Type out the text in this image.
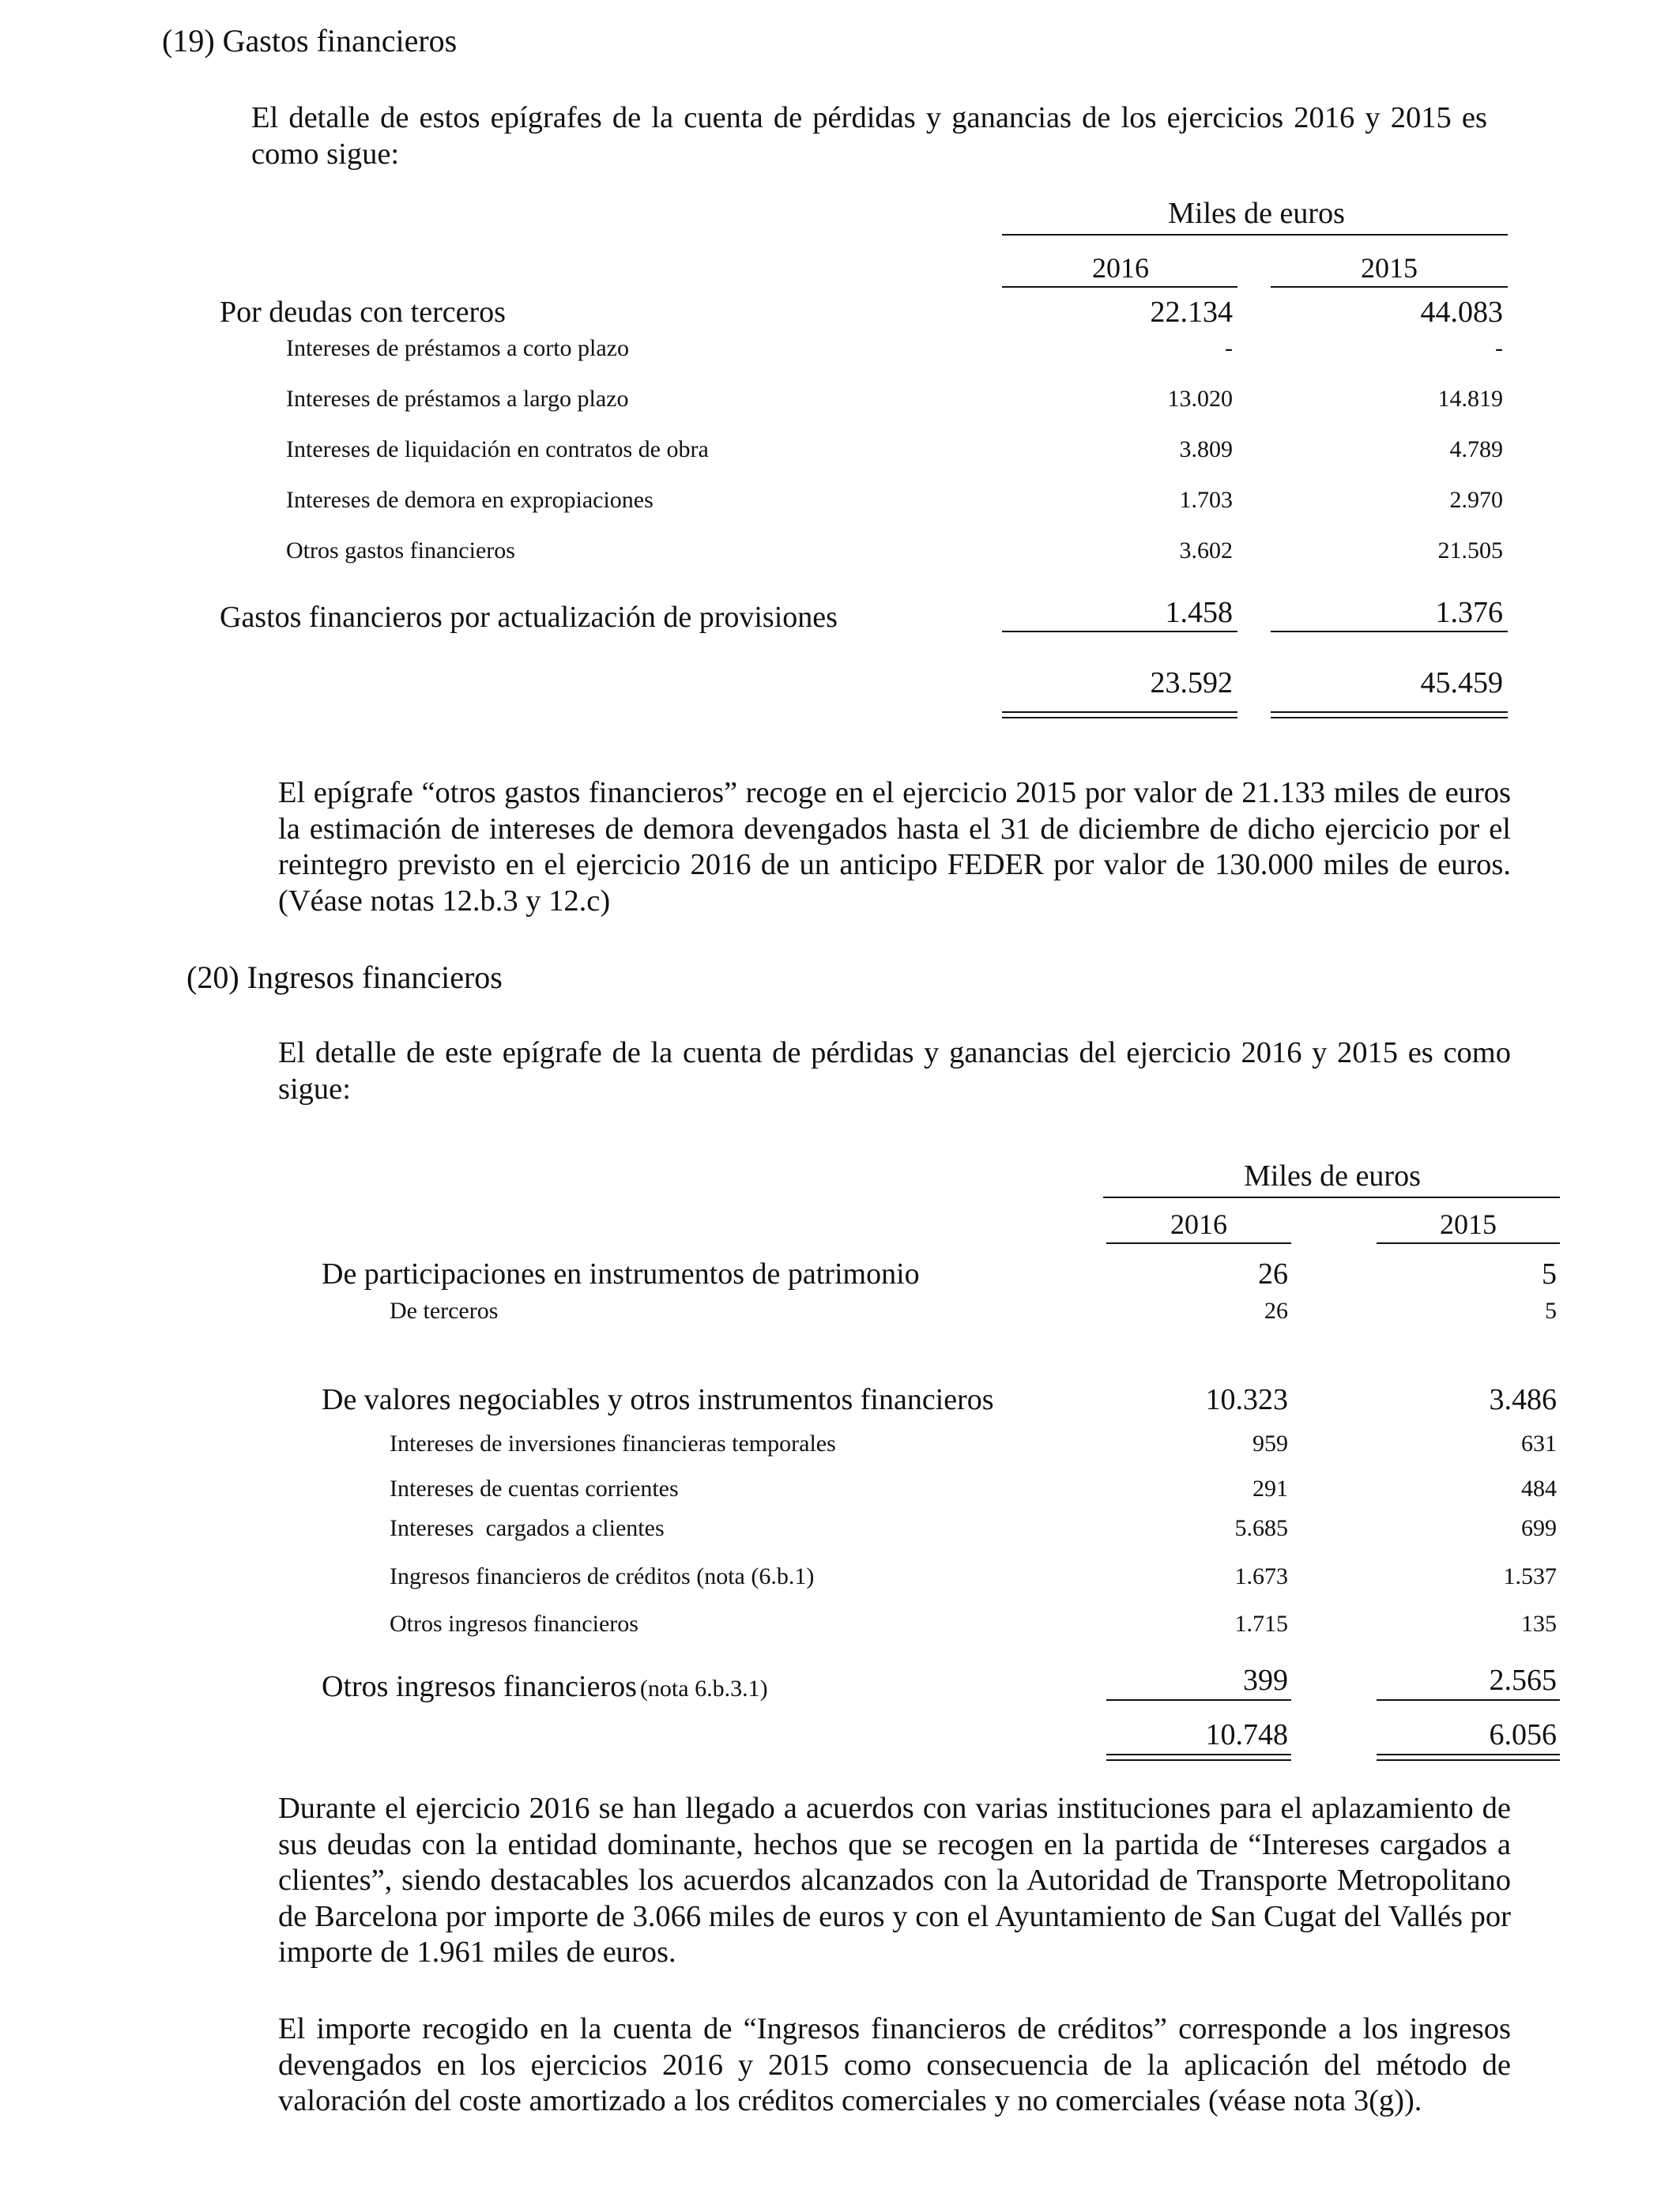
(19) Gastos financieros
El detalle de estos epígrafes de la cuenta de pérdidas y ganancias de los ejercicios 2016 y 2015 es como sigue:
Miles de euros
2016	2015
Por deudas con terceros	22.134	44.083
Intereses de préstamos a corto plazo	-	-
Intereses de préstamos a largo plazo	13.020	14.819
Intereses de liquidación en contratos de obra	3.809	4.789
Intereses de demora en expropiaciones	1.703	2.970
Otros gastos financieros	3.602	21.505
Gastos financieros por actualización de provisiones	1.458	1.376
23.592	45.459
El epígrafe “otros gastos financieros” recoge en el ejercicio 2015 por valor de 21.133 miles de euros la estimación de intereses de demora devengados hasta el 31 de diciembre de dicho ejercicio por el reintegro previsto en el ejercicio 2016 de un anticipo FEDER por valor de 130.000 miles de euros. (Véase notas 12.b.3 y 12.c)
(20) Ingresos financieros
El detalle de este epígrafe de la cuenta de pérdidas y ganancias del ejercicio 2016 y 2015 es como sigue:
Miles de euros
2016	2015
De participaciones en instrumentos de patrimonio	26	5
De terceros	26	5
De valores negociables y otros instrumentos financieros	10.323	3.486
Intereses de inversiones financieras temporales	959	631
Intereses de cuentas corrientes	291	484
Intereses  cargados a clientes	5.685	699
Ingresos financieros de créditos (nota (6.b.1)	1.673	1.537
Otros ingresos financieros	1.715	135
Otros ingresos financieros (nota 6.b.3.1)	399	2.565
10.748	6.056
Durante el ejercicio 2016 se han llegado a acuerdos con varias instituciones para el aplazamiento de sus deudas con la entidad dominante, hechos que se recogen en la partida de “Intereses cargados a clientes”, siendo destacables los acuerdos alcanzados con la Autoridad de Transporte Metropolitano de Barcelona por importe de 3.066 miles de euros y con el Ayuntamiento de San Cugat del Vallés por importe de 1.961 miles de euros.
El importe recogido en la cuenta de “Ingresos financieros de créditos” corresponde a los ingresos devengados en los ejercicios 2016 y 2015 como consecuencia de la aplicación del método de valoración del coste amortizado a los créditos comerciales y no comerciales (véase nota 3(g)).
